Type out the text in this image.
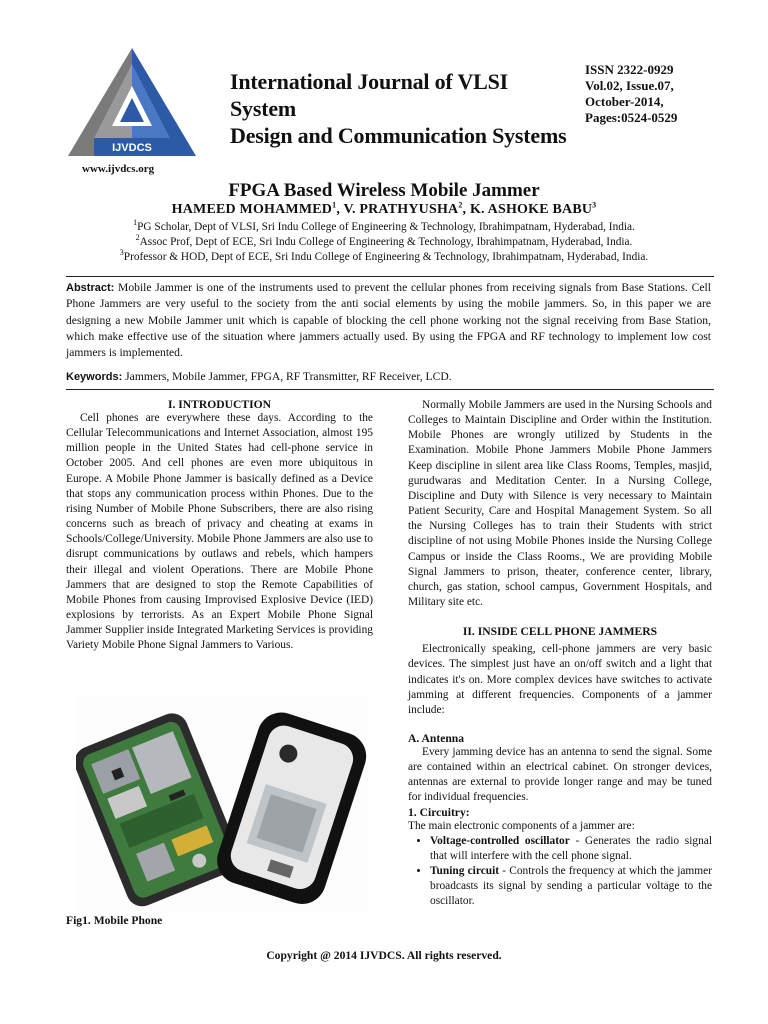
IJVDCS
www.ijvdcs.org
International Journal of VLSI System
Design and Communication Systems
ISSN 2322-0929
Vol.02, Issue.07,
October-2014,
Pages:0524-0529
FPGA Based Wireless Mobile Jammer
HAMEED MOHAMMED$^1$, V. PRATHYUSHA$^2$, K. ASHOKE BABU$^3$
$^1$PG Scholar, Dept of VLSI, Sri Indu College of Engineering & Technology, Ibrahimpatnam, Hyderabad, India.
$^2$Assoc Prof, Dept of ECE, Sri Indu College of Engineering & Technology, Ibrahimpatnam, Hyderabad, India.
$^3$Professor & HOD, Dept of ECE, Sri Indu College of Engineering & Technology, Ibrahimpatnam, Hyderabad, India.
Abstract: Mobile Jammer is one of the instruments used to prevent the cellular phones from receiving signals from Base Stations. Cell Phone Jammers are very useful to the society from the anti social elements by using the mobile jammers. So, in this paper we are designing a new Mobile Jammer unit which is capable of blocking the cell phone working not the signal receiving from Base Station, which make effective use of the situation where jammers actually used. By using the FPGA and RF technology to implement low cost jammers is implemented.
Keywords: Jammers, Mobile Jammer, FPGA, RF Transmitter, RF Receiver, LCD.

I. INTRODUCTION

Cell phones are everywhere these days. According to the Cellular Telecommunications and Internet Association, almost 195 million people in the United States had cell-phone service in October 2005. And cell phones are even more ubiquitous in Europe. A Mobile Phone Jammer is basically defined as a Device that stops any communication process within Phones. Due to the rising Number of Mobile Phone Subscribers, there are also rising concerns such as breach of privacy and cheating at exams in Schools/College/University. Mobile Phone Jammers are also use to disrupt communications by outlaws and rebels, which hampers their illegal and violent Operations. There are Mobile Phone Jammers that are designed to stop the Remote Capabilities of Mobile Phones from causing Improvised Explosive Device (IED) explosions by terrorists. As an Expert Mobile Phone Signal Jammer Supplier inside Integrated Marketing Services is providing Variety Mobile Phone Signal Jammers to Various.

Fig1. Mobile Phone

Normally Mobile Jammers are used in the Nursing Schools and Colleges to Maintain Discipline and Order within the Institution. Mobile Phones are wrongly utilized by Students in the Examination. Mobile Phone Jammers Mobile Phone Jammers Keep discipline in silent area like Class Rooms, Temples, masjid, gurudwaras and Meditation Center. In a Nursing College, Discipline and Duty with Silence is very necessary to Maintain Patient Security, Care and Hospital Management System. So all the Nursing Colleges has to train their Students with strict discipline of not using Mobile Phones inside the Nursing College Campus or inside the Class Rooms., We are providing Mobile Signal Jammers to prison, theater, conference center, library, church, gas station, school campus, Government Hospitals, and Military site etc.

II. INSIDE CELL PHONE JAMMERS

Electronically speaking, cell-phone jammers are very basic devices. The simplest just have an on/off switch and a light that indicates it's on. More complex devices have switches to activate jamming at different frequencies. Components of a jammer include:

A. Antenna

Every jamming device has an antenna to send the signal. Some are contained within an electrical cabinet. On stronger devices, antennas are external to provide longer range and may be tuned for individual frequencies.

1. Circuitry:

The main electronic components of a jammer are:

• Voltage-controlled oscillator - Generates the radio signal that will interfere with the cell phone signal.
• Tuning circuit - Controls the frequency at which the jammer broadcasts its signal by sending a particular voltage to the oscillator.
Copyright @ 2014 IJVDCS. All rights reserved.
